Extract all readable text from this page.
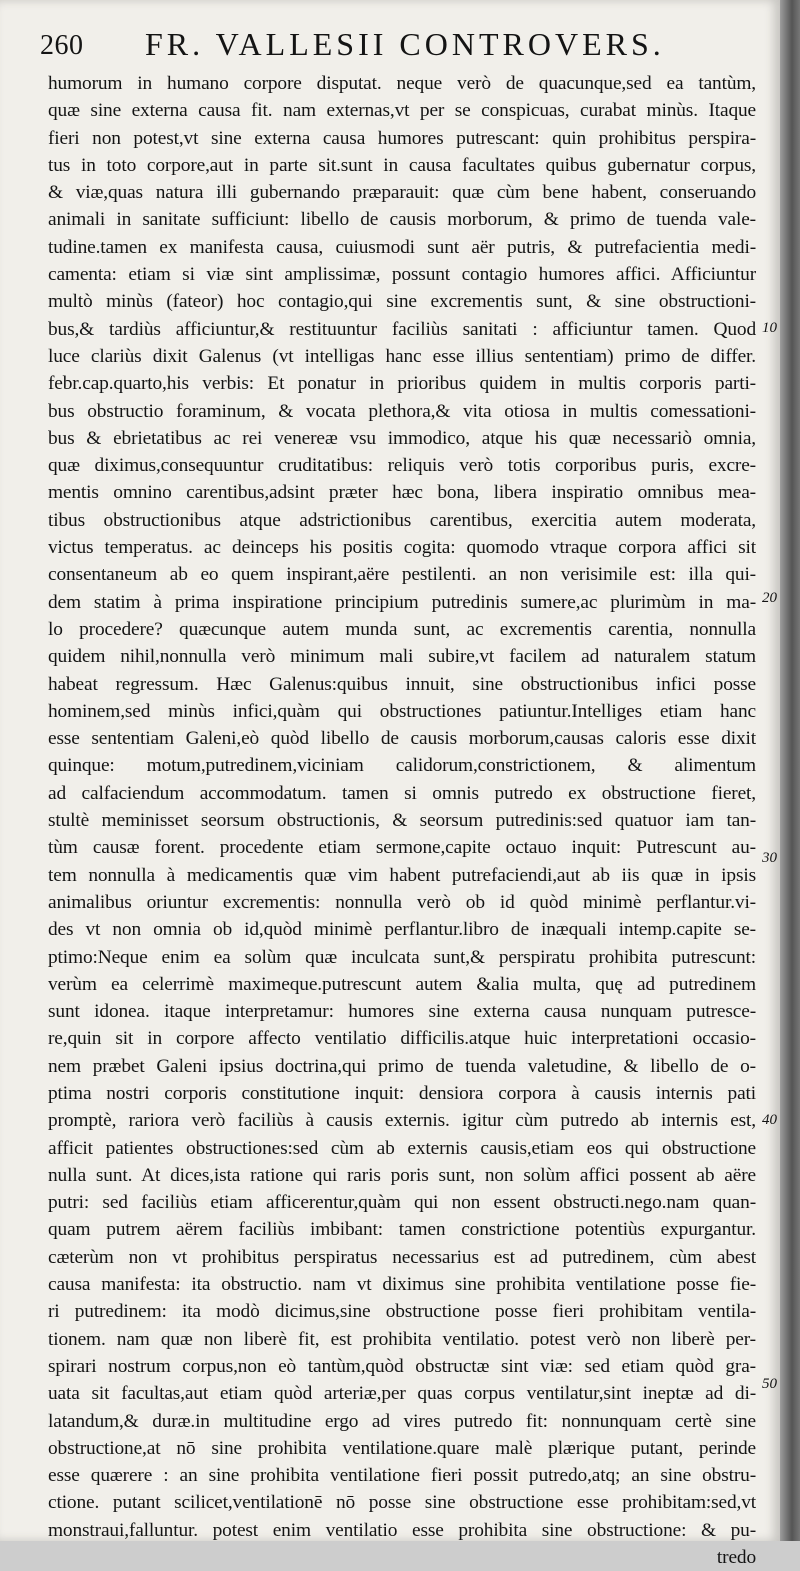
260 FR. VALLESII CONTROVERS.
humorum in humano corpore disputat. neque verò de quacunque,sed ea tantùm,
quæ sine externa causa fit. nam externas,vt per se conspicuas, curabat minùs. Itaque
fieri non potest,vt sine externa causa humores putrescant: quin prohibitus perspira-
tus in toto corpore,aut in parte sit.sunt in causa facultates quibus gubernatur corpus,
& viæ,quas natura illi gubernando præparauit: quæ cùm bene habent, conseruando
animali in sanitate sufficiunt: libello de causis morborum, & primo de tuenda vale-
tudine.tamen ex manifesta causa, cuiusmodi sunt aër putris, & putrefacientia medi-
camenta: etiam si viæ sint amplissimæ, possunt contagio humores affici. Afficiuntur
multò minùs (fateor) hoc contagio,qui sine excrementis sunt, & sine obstructioni-
bus,& tardiùs afficiuntur,& restituuntur faciliùs sanitati : afficiuntur tamen. Quod
luce clariùs dixit Galenus (vt intelligas hanc esse illius sententiam) primo de differ.
febr.cap.quarto,his verbis: Et ponatur in prioribus quidem in multis corporis parti-
bus obstructio foraminum, & vocata plethora,& vita otiosa in multis comessationi-
bus & ebrietatibus ac rei venereæ vsu immodico, atque his quæ necessariò omnia,
quæ diximus,consequuntur cruditatibus: reliquis verò totis corporibus puris, excre-
mentis omnino carentibus,adsint præter hæc bona, libera inspiratio omnibus mea-
tibus obstructionibus atque adstrictionibus carentibus, exercitia autem moderata,
victus temperatus. ac deinceps his positis cogita: quomodo vtraque corpora affici sit
consentaneum ab eo quem inspirant,aëre pestilenti. an non verisimile est: illa qui-
dem statim à prima inspiratione principium putredinis sumere,ac plurimùm in ma-
lo procedere? quæcunque autem munda sunt, ac excrementis carentia, nonnulla
quidem nihil,nonnulla verò minimum mali subire,vt facilem ad naturalem statum
habeat regressum. Hæc Galenus:quibus innuit, sine obstructionibus infici posse
hominem,sed minùs infici,quàm qui obstructiones patiuntur.Intelliges etiam hanc
esse sententiam Galeni,eò quòd libello de causis morborum,causas caloris esse dixit
quinque: motum,putredinem,viciniam calidorum,constrictionem, & alimentum
ad calfaciendum accommodatum. tamen si omnis putredo ex obstructione fieret,
stultè meminisset seorsum obstructionis, & seorsum putredinis:sed quatuor iam tan-
tùm causæ forent. procedente etiam sermone,capite octauo inquit: Putrescunt au-
tem nonnulla à medicamentis quæ vim habent putrefaciendi,aut ab iis quæ in ipsis
animalibus oriuntur excrementis: nonnulla verò ob id quòd minimè perflantur.vi-
des vt non omnia ob id,quòd minimè perflantur.libro de inæquali intemp.capite se-
ptimo:Neque enim ea solùm quæ inculcata sunt,& perspiratu prohibita putrescunt:
verùm ea celerrimè maximeque.putrescunt autem &alia multa, quę ad putredinem
sunt idonea. itaque interpretamur: humores sine externa causa nunquam putresce-
re,quin sit in corpore affecto ventilatio difficilis.atque huic interpretationi occasio-
nem præbet Galeni ipsius doctrina,qui primo de tuenda valetudine, & libello de o-
ptima nostri corporis constitutione inquit: densiora corpora à causis internis pati
promptè, rariora verò faciliùs à causis externis. igitur cùm putredo ab internis est,
afficit patientes obstructiones:sed cùm ab externis causis,etiam eos qui obstructione
nulla sunt. At dices,ista ratione qui raris poris sunt, non solùm affici possent ab aëre
putri: sed faciliùs etiam afficerentur,quàm qui non essent obstructi.nego.nam quan-
quam putrem aërem faciliùs imbibant: tamen constrictione potentiùs expurgantur.
cæterùm non vt prohibitus perspiratus necessarius est ad putredinem, cùm abest
causa manifesta: ita obstructio. nam vt diximus sine prohibita ventilatione posse fie-
ri putredinem: ita modò dicimus,sine obstructione posse fieri prohibitam ventila-
tionem. nam quæ non liberè fit, est prohibita ventilatio. potest verò non liberè per-
spirari nostrum corpus,non eò tantùm,quòd obstructæ sint viæ: sed etiam quòd gra-
uata sit facultas,aut etiam quòd arteriæ,per quas corpus ventilatur,sint ineptæ ad di-
latandum,& duræ.in multitudine ergo ad vires putredo fit: nonnunquam certè sine
obstructione,at nō sine prohibita ventilatione.quare malè plærique putant, perinde
esse quærere : an sine prohibita ventilatione fieri possit putredo,atq; an sine obstru-
ctione. putant scilicet,ventilationē nō posse sine obstructione esse prohibitam:sed,vt
monstraui,falluntur. potest enim ventilatio esse prohibita sine obstructione: & pu-
tredo
10
20
30
40
50
